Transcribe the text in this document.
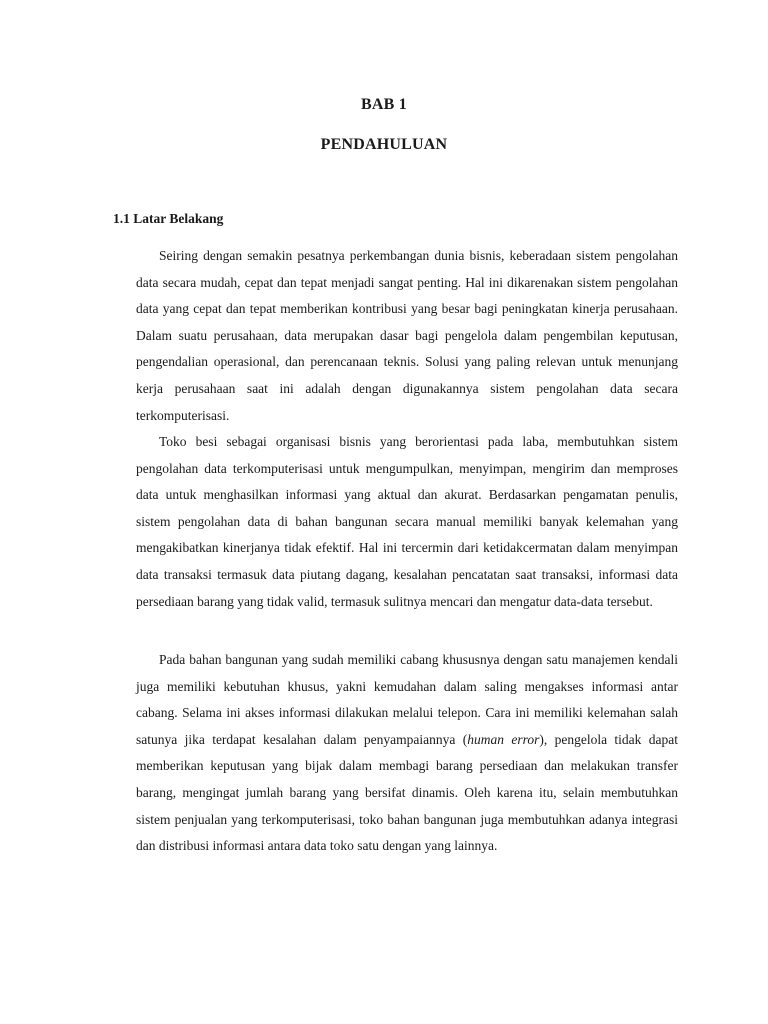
BAB 1
PENDAHULUAN
1.1 Latar Belakang

Seiring dengan semakin pesatnya perkembangan dunia bisnis, keberadaan sistem pengolahan data secara mudah, cepat dan tepat menjadi sangat penting. Hal ini dikarenakan sistem pengolahan data yang cepat dan tepat memberikan kontribusi yang besar bagi peningkatan kinerja perusahaan. Dalam suatu perusahaan, data merupakan dasar bagi pengelola dalam pengembilan keputusan, pengendalian operasional, dan perencanaan teknis. Solusi yang paling relevan untuk menunjang kerja perusahaan saat ini adalah dengan digunakannya sistem pengolahan data secara terkomputerisasi.

Toko besi sebagai organisasi bisnis yang berorientasi pada laba, membutuhkan sistem pengolahan data terkomputerisasi untuk mengumpulkan, menyimpan, mengirim dan memproses data untuk menghasilkan informasi yang aktual dan akurat. Berdasarkan pengamatan penulis, sistem pengolahan data di bahan bangunan secara manual memiliki banyak kelemahan yang mengakibatkan kinerjanya tidak efektif. Hal ini tercermin dari ketidakcermatan dalam menyimpan data transaksi termasuk data piutang dagang, kesalahan pencatatan saat transaksi, informasi data persediaan barang yang tidak valid, termasuk sulitnya mencari dan mengatur data-data tersebut.

Pada bahan bangunan yang sudah memiliki cabang khususnya dengan satu manajemen kendali juga memiliki kebutuhan khusus, yakni kemudahan dalam saling mengakses informasi antar cabang. Selama ini akses informasi dilakukan melalui telepon. Cara ini memiliki kelemahan salah satunya jika terdapat kesalahan dalam penyampaiannya (human error), pengelola tidak dapat memberikan keputusan yang bijak dalam membagi barang persediaan dan melakukan transfer barang, mengingat jumlah barang yang bersifat dinamis. Oleh karena itu, selain membutuhkan sistem penjualan yang terkomputerisasi, toko bahan bangunan juga membutuhkan adanya integrasi dan distribusi informasi antara data toko satu dengan yang lainnya.
